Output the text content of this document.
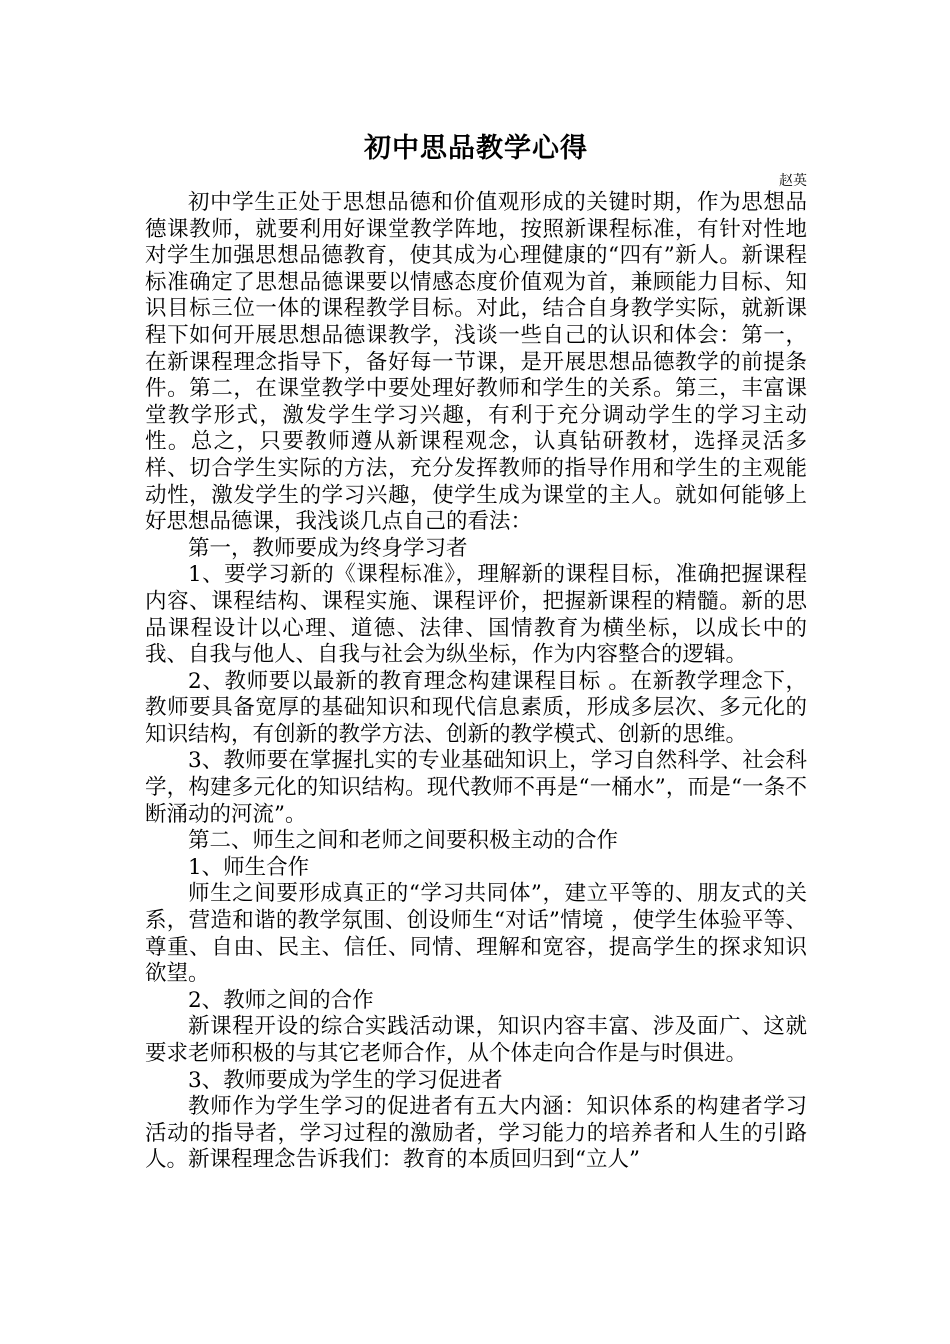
初中思品教学心得

赵英

初中学生正处于思想品德和价值观形成的关键时期，作为思想品德课教师，就要利用好课堂教学阵地，按照新课程标准，有针对性地对学生加强思想品德教育，使其成为心理健康的“四有”新人。新课程标准确定了思想品德课要以情感态度价值观为首，兼顾能力目标、知识目标三位一体的课程教学目标。对此，结合自身教学实际，就新课程下如何开展思想品德课教学，浅谈一些自己的认识和体会：第一，在新课程理念指导下，备好每一节课，是开展思想品德教学的前提条件。第二，在课堂教学中要处理好教师和学生的关系。第三，丰富课堂教学形式，激发学生学习兴趣，有利于充分调动学生的学习主动性。总之，只要教师遵从新课程观念，认真钻研教材，选择灵活多样、切合学生实际的方法，充分发挥教师的指导作用和学生的主观能动性，激发学生的学习兴趣，使学生成为课堂的主人。就如何能够上好思想品德课，我浅谈几点自己的看法：

第一，教师要成为终身学习者

1、要学习新的《课程标准》，理解新的课程目标，准确把握课程内容、课程结构、课程实施、课程评价，把握新课程的精髓。新的思品课程设计以心理、道德、法律、国情教育为横坐标，以成长中的我、自我与他人、自我与社会为纵坐标，作为内容整合的逻辑。

2、教师要以最新的教育理念构建课程目标 。在新教学理念下，教师要具备宽厚的基础知识和现代信息素质，形成多层次、多元化的知识结构，有创新的教学方法、创新的教学模式、创新的思维。

3、教师要在掌握扎实的专业基础知识上，学习自然科学、社会科学，构建多元化的知识结构。现代教师不再是“一桶水”，而是“一条不断涌动的河流”。

第二、师生之间和老师之间要积极主动的合作

1、师生合作

师生之间要形成真正的“学习共同体”，建立平等的、朋友式的关系，营造和谐的教学氛围、创设师生“对话”情境 ，使学生体验平等、尊重、自由、民主、信任、同情、理解和宽容，提高学生的探求知识欲望。

2、教师之间的合作

新课程开设的综合实践活动课，知识内容丰富、涉及面广、这就要求老师积极的与其它老师合作，从个体走向合作是与时俱进。

3、教师要成为学生的学习促进者

教师作为学生学习的促进者有五大内涵：知识体系的构建者学习活动的指导者，学习过程的激励者，学习能力的培养者和人生的引路人。新课程理念告诉我们：教育的本质回归到“立人”
